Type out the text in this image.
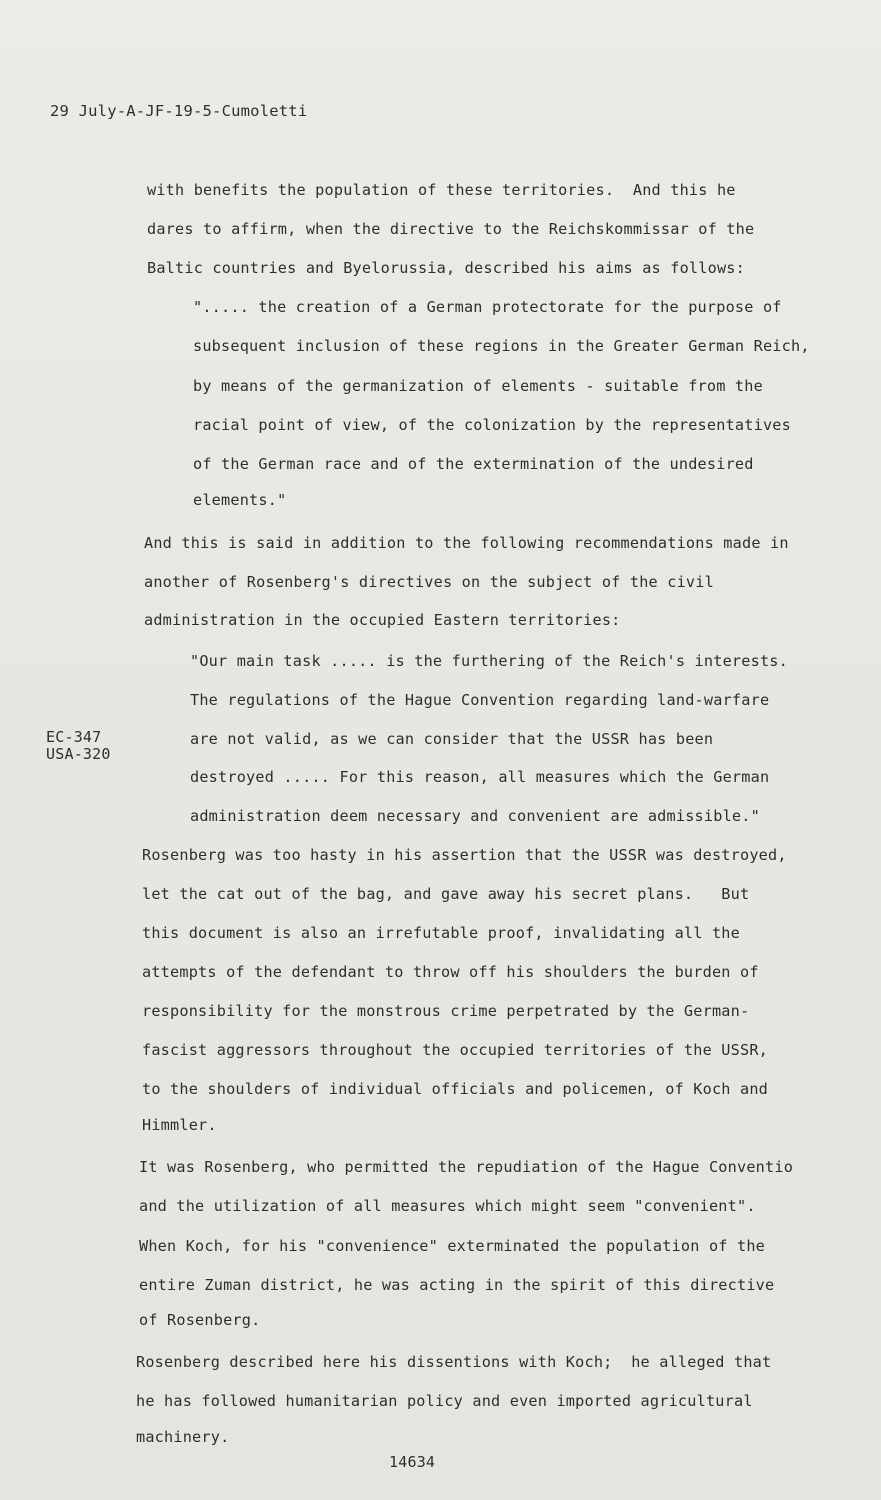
29 July-A-JF-19-5-Cumoletti

with benefits the population of these territories.  And this he

dares to affirm, when the directive to the Reichskommissar of the

Baltic countries and Byelorussia, described his aims as follows:

"..... the creation of a German protectorate for the purpose of

subsequent inclusion of these regions in the Greater German Reich,

by means of the germanization of elements - suitable from the

racial point of view, of the colonization by the representatives

of the German race and of the extermination of the undesired

elements."

And this is said in addition to the following recommendations made in

another of Rosenberg's directives on the subject of the civil

administration in the occupied Eastern territories:

"Our main task ..... is the furthering of the Reich's interests.

The regulations of the Hague Convention regarding land-warfare

are not valid, as we can consider that the USSR has been

destroyed ..... For this reason, all measures which the German

administration deem necessary and convenient are admissible."

EC-347

USA-320

Rosenberg was too hasty in his assertion that the USSR was destroyed,

let the cat out of the bag, and gave away his secret plans.   But

this document is also an irrefutable proof, invalidating all the

attempts of the defendant to throw off his shoulders the burden of

responsibility for the monstrous crime perpetrated by the German-

fascist aggressors throughout the occupied territories of the USSR,

to the shoulders of individual officials and policemen, of Koch and

Himmler.

It was Rosenberg, who permitted the repudiation of the Hague Conventio

and the utilization of all measures which might seem "convenient".

When Koch, for his "convenience" exterminated the population of the

entire Zuman district, he was acting in the spirit of this directive

of Rosenberg.

Rosenberg described here his dissentions with Koch;  he alleged that

he has followed humanitarian policy and even imported agricultural

machinery.

14634
